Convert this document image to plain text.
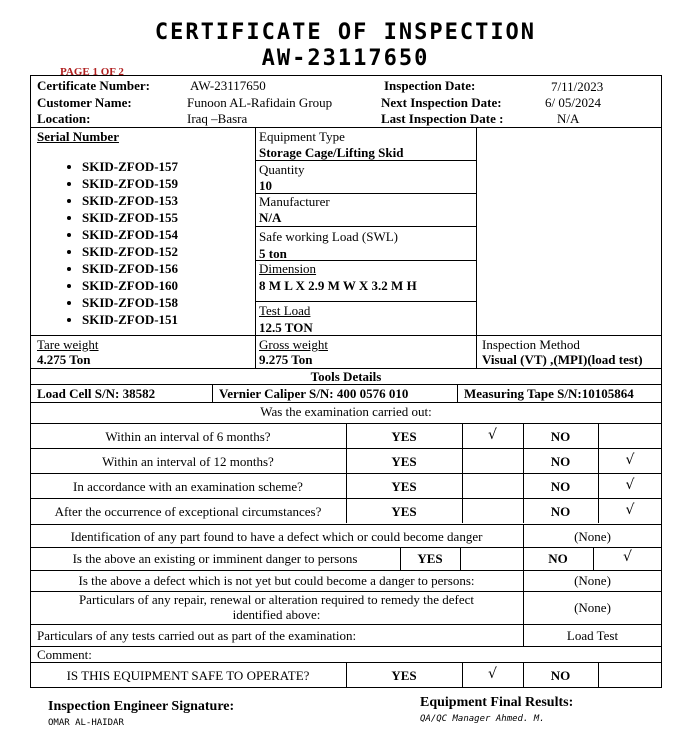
CERTIFICATE OF INSPECTION
AW-23117650
PAGE 1 OF 2
Certificate Number:	AW-23117650
Customer Name:	Funoon AL-Rafidain Group
Location:	Iraq –Basra
Inspection Date:	7/11/2023
Next Inspection Date:	6/ 05/2024
Last Inspection Date :	N/A
Serial Number
• SKID-ZFOD-157
• SKID-ZFOD-159
• SKID-ZFOD-153
• SKID-ZFOD-155
• SKID-ZFOD-154
• SKID-ZFOD-152
• SKID-ZFOD-156
• SKID-ZFOD-160
• SKID-ZFOD-158
• SKID-ZFOD-151
Equipment Type
Storage Cage/Lifting Skid
Quantity
10
Manufacturer
N/A
Safe working Load (SWL)
5 ton
Dimension
8 M L X 2.9 M W X 3.2 M H
Test Load
12.5 TON
Tare weight
4.275 Ton
Gross weight
9.275 Ton
Inspection Method
Visual (VT) ,(MPI)(load test)
Tools Details
Load Cell S/N: 38582	Vernier Caliper S/N: 400 0576 010	Measuring Tape S/N:10105864
Was the examination carried out:
Within an interval of 6 months?	YES	√	NO
Within an interval of 12 months?	YES	NO	√
In accordance with an examination scheme?	YES	NO	√
After the occurrence of exceptional circumstances?	YES	NO	√
Identification of any part found to have a defect which or could become danger	(None)
Is the above an existing or imminent danger to persons	YES	NO	√
Is the above a defect which is not yet but could become a danger to persons:	(None)
Particulars of any repair, renewal or alteration required to remedy the defect
identified above:	(None)
Particulars of any tests carried out as part of the examination:	Load Test
Comment:
IS THIS EQUIPMENT SAFE TO OPERATE?	YES	√	NO
Inspection Engineer Signature:
OMAR AL-HAIDAR
Equipment Final Results:
QA/QC Manager Ahmed. M.
